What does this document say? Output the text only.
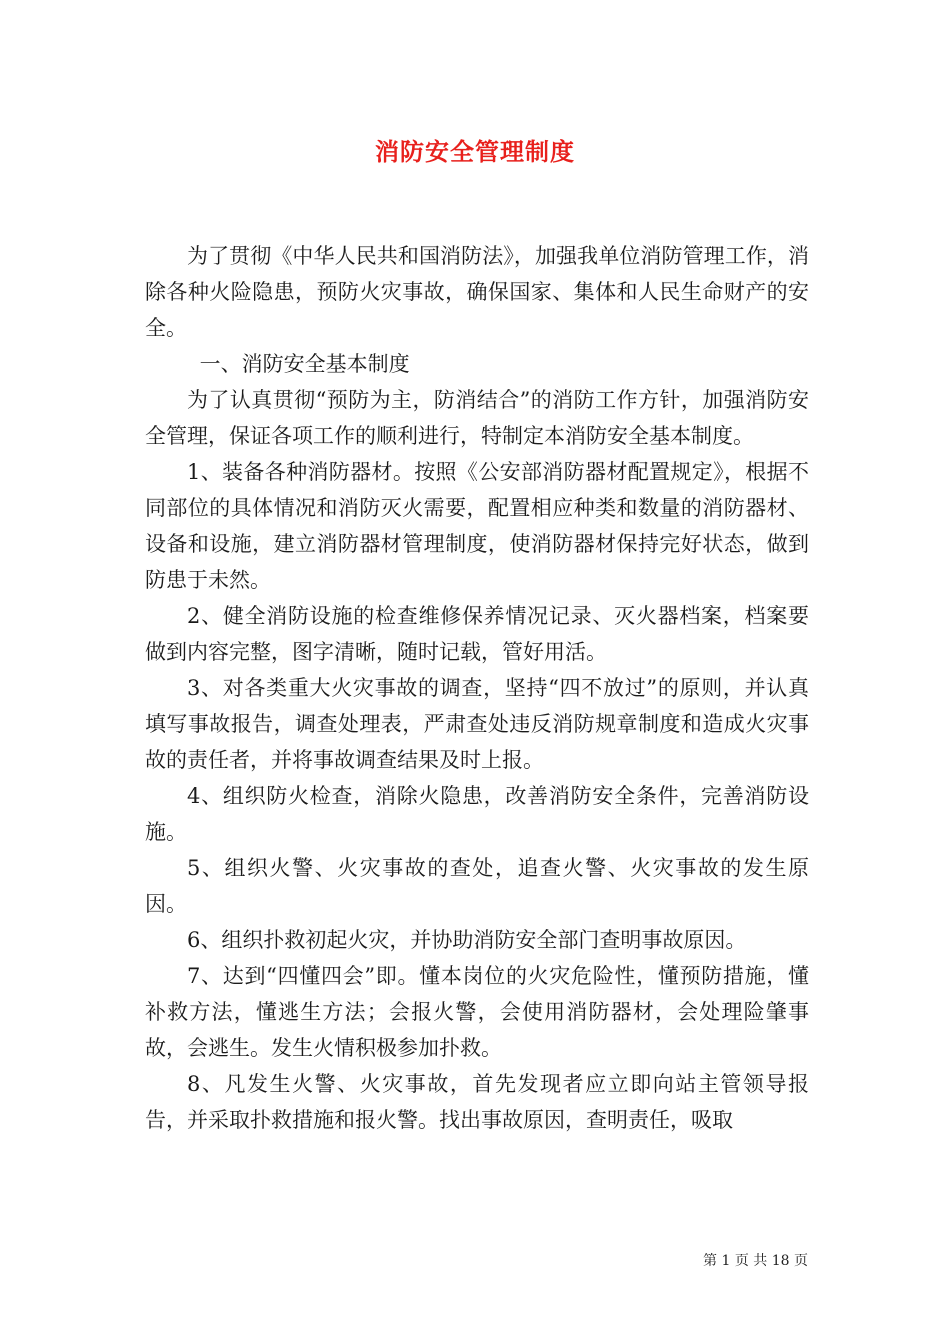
消防安全管理制度

为了贯彻《中华人民共和国消防法》，加强我单位消防管理工作，消除各种火险隐患，预防火灾事故，确保国家、集体和人民生命财产的安全。

一、消防安全基本制度

为了认真贯彻“预防为主，防消结合”的消防工作方针，加强消防安全管理，保证各项工作的顺利进行，特制定本消防安全基本制度。

1、装备各种消防器材。按照《公安部消防器材配置规定》，根据不同部位的具体情况和消防灭火需要，配置相应种类和数量的消防器材、设备和设施，建立消防器材管理制度，使消防器材保持完好状态，做到防患于未然。

2、健全消防设施的检查维修保养情况记录、灭火器档案，档案要做到内容完整，图字清晰，随时记载，管好用活。

3、对各类重大火灾事故的调查，坚持“四不放过”的原则，并认真填写事故报告，调查处理表，严肃查处违反消防规章制度和造成火灾事故的责任者，并将事故调查结果及时上报。

4、组织防火检查，消除火隐患，改善消防安全条件，完善消防设施。

5、组织火警、火灾事故的查处，追查火警、火灾事故的发生原因。

6、组织扑救初起火灾，并协助消防安全部门查明事故原因。

7、达到“四懂四会”即。懂本岗位的火灾危险性，懂预防措施，懂补救方法，懂逃生方法；会报火警，会使用消防器材，会处理险肇事故，会逃生。发生火情积极参加扑救。

8、凡发生火警、火灾事故，首先发现者应立即向站主管领导报告，并采取扑救措施和报火警。找出事故原因，查明责任，吸取

第 1 页 共 18 页
